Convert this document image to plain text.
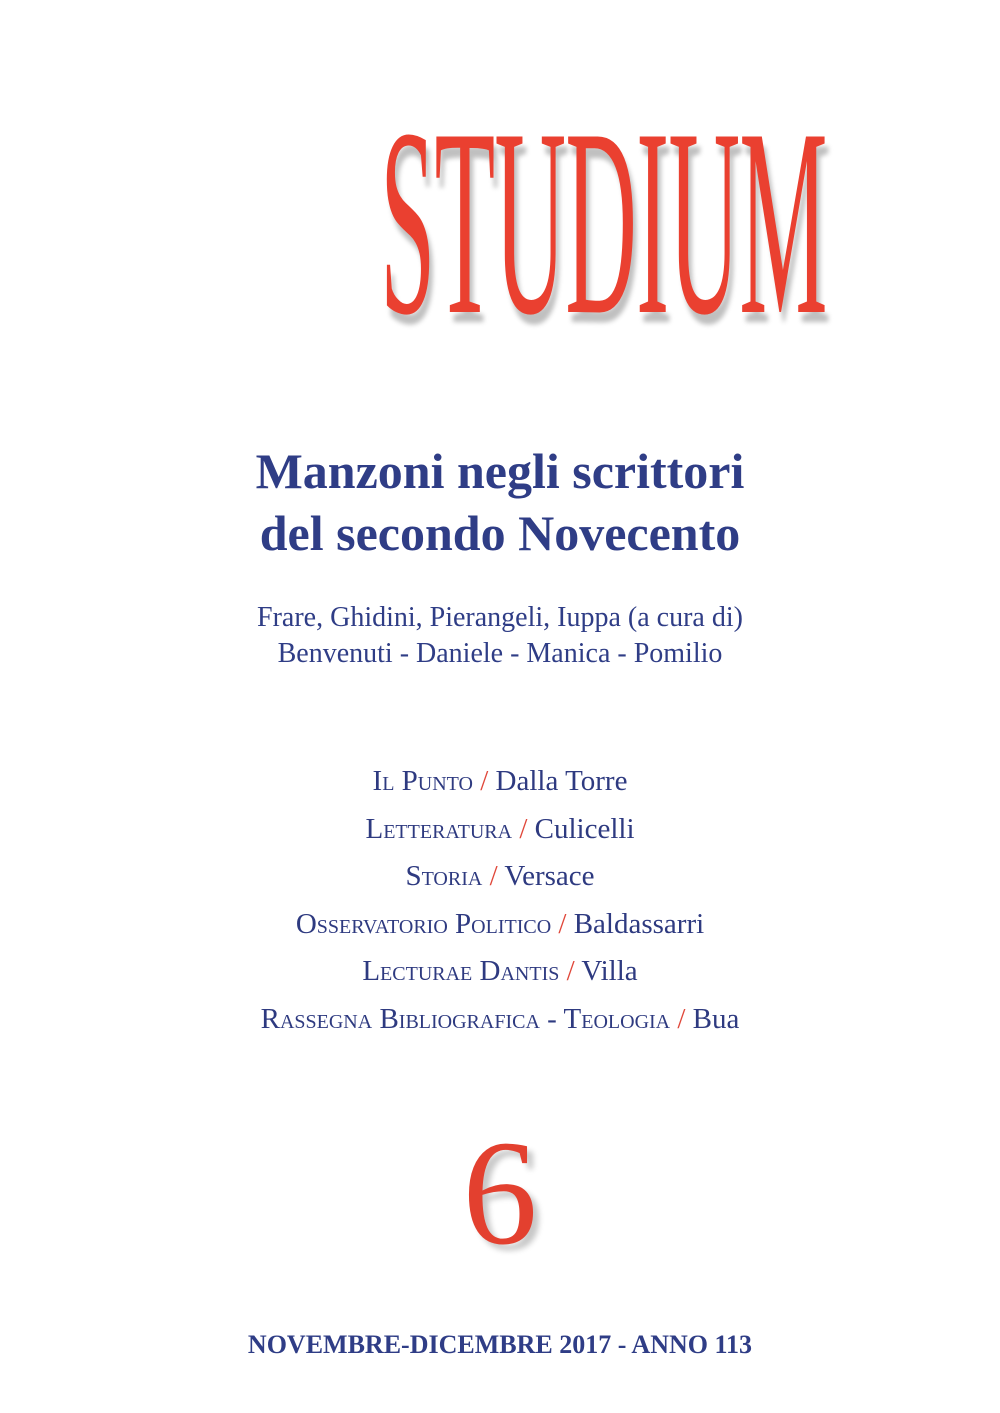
STUDIUM
Manzoni negli scrittori
del secondo Novecento
Frare, Ghidini, Pierangeli, Iuppa (a cura di)
Benvenuti - Daniele - Manica - Pomilio
Il Punto / Dalla Torre
Letteratura / Culicelli
Storia / Versace
Osservatorio Politico / Baldassarri
Lecturae Dantis / Villa
Rassegna Bibliografica - Teologia / Bua
6
NOVEMBRE-DICEMBRE 2017 - ANNO 113
